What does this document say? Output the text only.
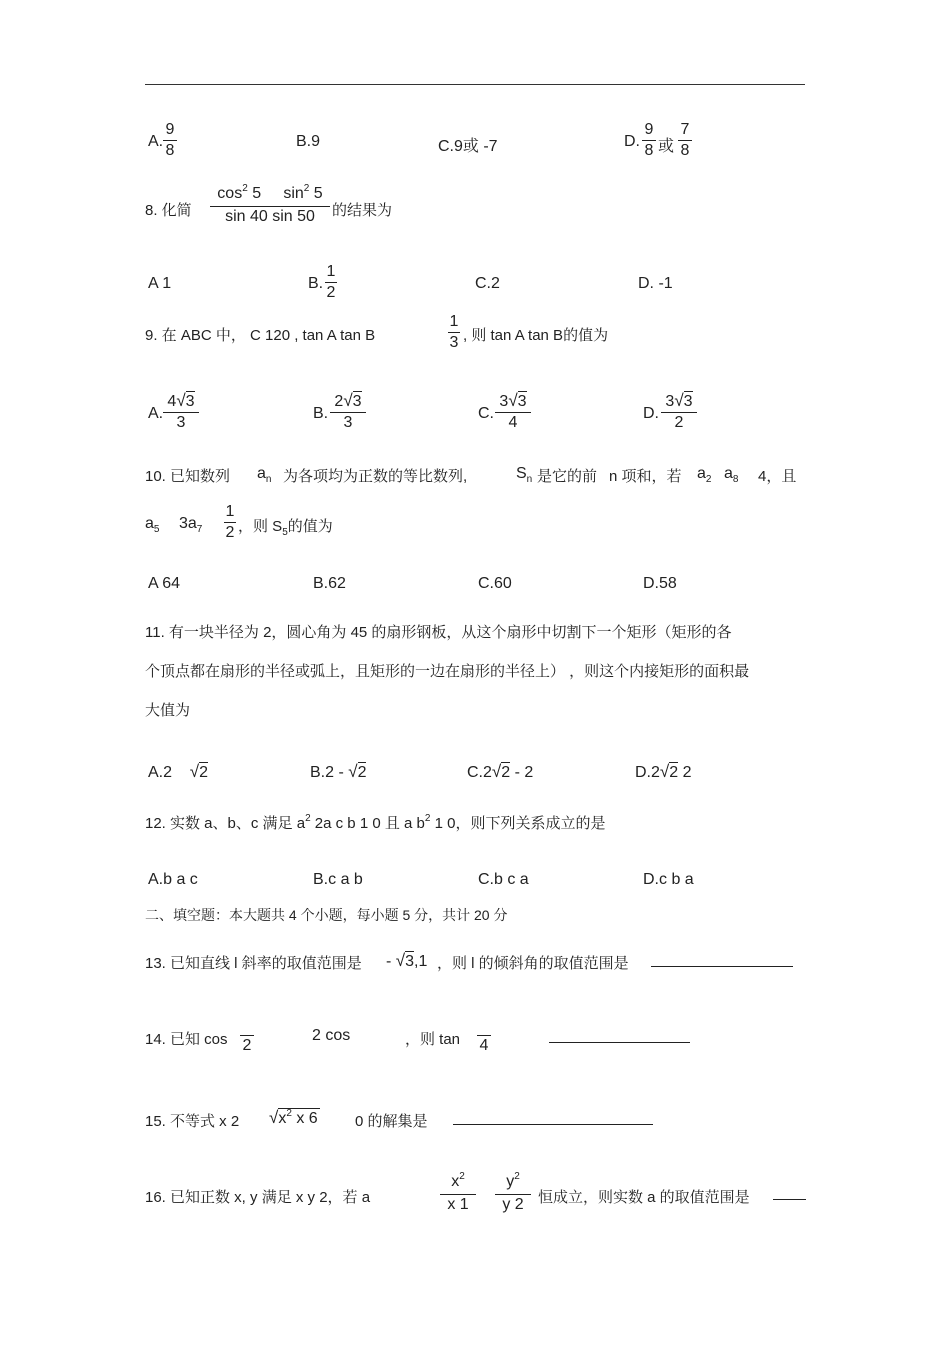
A.
9
8
B.9	C.9或 -7	D.
9
8 或
7
8
8. 化简
$\cos^2 5$ $\sin^2 5$
sin 40 sin 50	的结果为
A 1	B.
1
2
C.2	D. -1
9. 在 ABC 中， C 120 , tan A tan B
1
3 , 则 tan A tan B的值为
A.
4√3
3
B.
2√3
3
C.
3√3
4
D.
3√3
2
10. 已知数列 $a_n$ 为各项均为正数的等比数列,	$S_n$ 是它的前 n 项和，若 $a_2$ $a_8$ 4，且
$a_5$ $3a_7$
1
2 ，则 $S_5$的值为
A 64	B.62	C.60	D.58
11. 有一块半径为 2，圆心角为 45 的扇形钢板，从这个扇形中切割下一个矩形（矩形的各
个顶点都在扇形的半径或弧上，且矩形的一边在扇形的半径上） ，则这个内接矩形的面积最
大值为
A.2 √2	B.2 - √2	C.2√2 - 2	D.2√2 2
12. 实数 a、b、c 满足 $a^2$ 2a c b 1 0 且 a $b^2$ 1 0，则下列关系成立的是
A.b a c	B.c a b	C.b c a	D.c b a
二、填空题：本大题共 4 个小题，每小题 5 分，共计 20 分
13. 已知直线 l 斜率的取值范围是 - √3,1 ，则 l 的倾斜角的取值范围是
14. 已知 cos
2
2 cos	，则 tan
4
15. 不等式 x 2 $√x^2$ x 6 0 的解集是
16. 已知正数 x, y 满足 x y 2，若 a
$x^2$
x 1
$y^2$
y 2 恒成立，则实数 a 的取值范围是
